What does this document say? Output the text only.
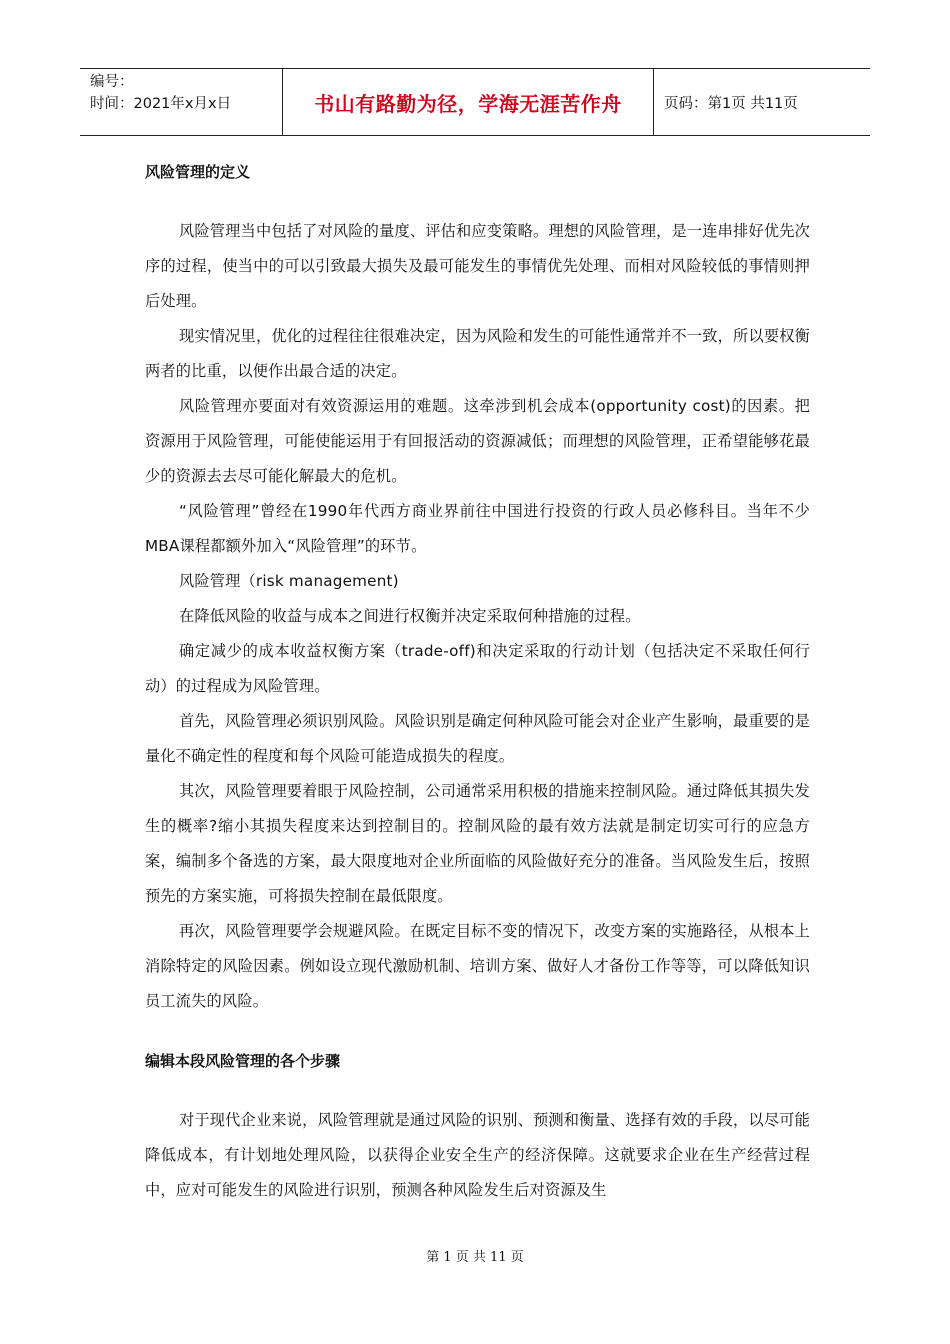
编号：
时间：2021年x月x日	书山有路勤为径，学海无涯苦作舟	页码：第1页 共11页
风险管理的定义

风险管理当中包括了对风险的量度、评估和应变策略。理想的风险管理，是一连串排好优先次序的过程，使当中的可以引致最大损失及最可能发生的事情优先处理、而相对风险较低的事情则押后处理。

现实情况里，优化的过程往往很难决定，因为风险和发生的可能性通常并不一致，所以要权衡两者的比重，以便作出最合适的决定。

风险管理亦要面对有效资源运用的难题。这牵涉到机会成本(opportunity cost)的因素。把资源用于风险管理，可能使能运用于有回报活动的资源减低；而理想的风险管理，正希望能够花最少的资源去去尽可能化解最大的危机。

“风险管理”曾经在1990年代西方商业界前往中国进行投资的行政人员必修科目。当年不少MBA课程都额外加入“风险管理”的环节。

风险管理（risk management)

在降低风险的收益与成本之间进行权衡并决定采取何种措施的过程。

确定减少的成本收益权衡方案（trade-off)和决定采取的行动计划（包括决定不采取任何行动）的过程成为风险管理。

首先，风险管理必须识别风险。风险识别是确定何种风险可能会对企业产生影响，最重要的是量化不确定性的程度和每个风险可能造成损失的程度。

其次，风险管理要着眼于风险控制，公司通常采用积极的措施来控制风险。通过降低其损失发生的概率?缩小其损失程度来达到控制目的。控制风险的最有效方法就是制定切实可行的应急方案，编制多个备选的方案，最大限度地对企业所面临的风险做好充分的准备。当风险发生后，按照预先的方案实施，可将损失控制在最低限度。

再次，风险管理要学会规避风险。在既定目标不变的情况下，改变方案的实施路径，从根本上消除特定的风险因素。例如设立现代激励机制、培训方案、做好人才备份工作等等，可以降低知识员工流失的风险。

编辑本段风险管理的各个步骤

对于现代企业来说，风险管理就是通过风险的识别、预测和衡量、选择有效的手段，以尽可能降低成本，有计划地处理风险，以获得企业安全生产的经济保障。这就要求企业在生产经营过程中，应对可能发生的风险进行识别，预测各种风险发生后对资源及生

第 1 页 共 11 页
